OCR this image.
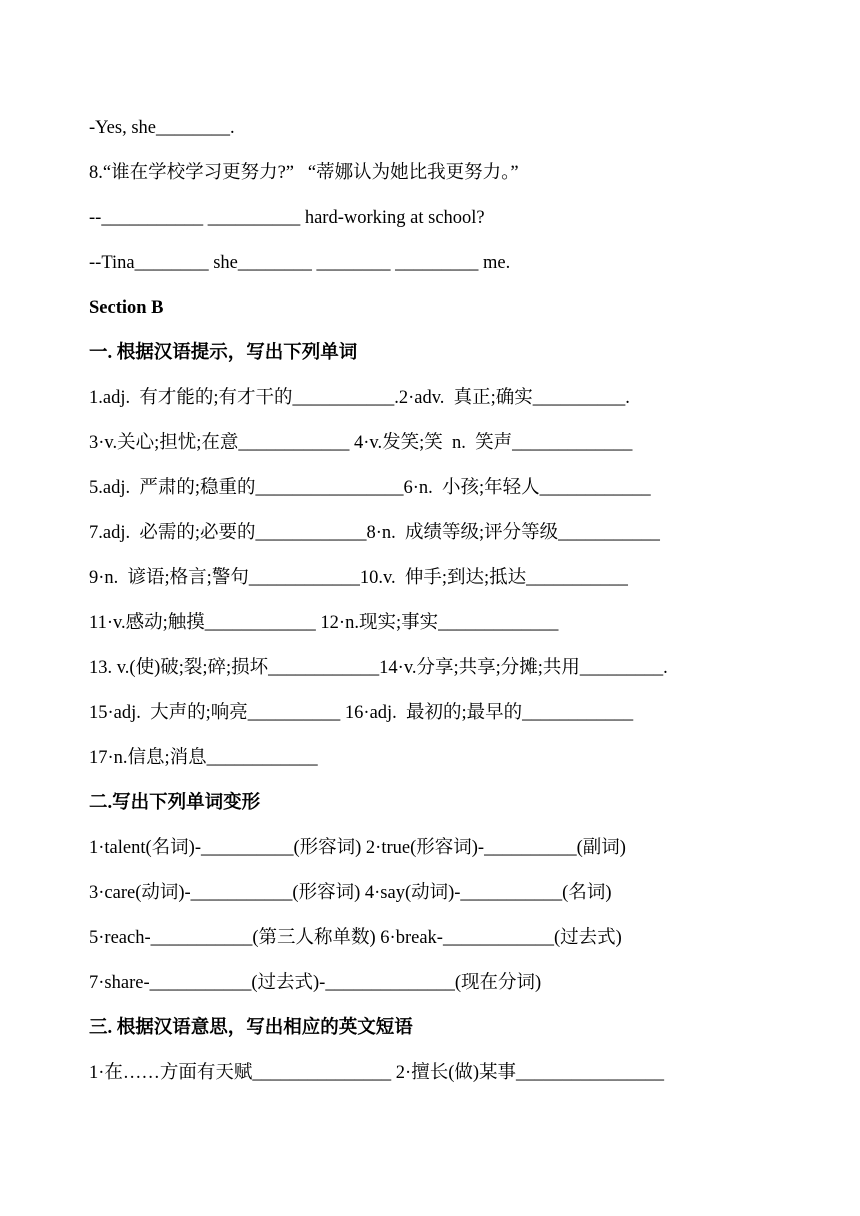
-Yes, she________.
8.“谁在学校学习更努力?”   “蒂娜认为她比我更努力。”
--___________ __________ hard-working at school?
--Tina________ she________ ________ _________ me.
Section B
一. 根据汉语提示，写出下列单词
1.adj.  有才能的;有才干的___________.2·adv.  真正;确实__________.
3·v.关心;担忧;在意____________ 4·v.发笑;笑  n.  笑声_____________
5.adj.  严肃的;稳重的________________6·n.  小孩;年轻人____________
7.adj.  必需的;必要的____________8·n.  成绩等级;评分等级___________
9·n.  谚语;格言;警句____________10.v.  伸手;到达;抵达___________
11·v.感动;触摸____________ 12·n.现实;事实_____________
13. v.(使)破;裂;碎;损坏____________14·v.分享;共享;分摊;共用_________.
15·adj.  大声的;响亮__________ 16·adj.  最初的;最早的____________
17·n.信息;消息____________
二.写出下列单词变形
1·talent(名词)-__________(形容词) 2·true(形容词)-__________(副词)
3·care(动词)-___________(形容词) 4·say(动词)-___________(名词)
5·reach-___________(第三人称单数) 6·break-____________(过去式)
7·share-___________(过去式)-______________(现在分词)
三. 根据汉语意思，写出相应的英文短语
1·在……方面有天赋_______________ 2·擅长(做)某事________________
